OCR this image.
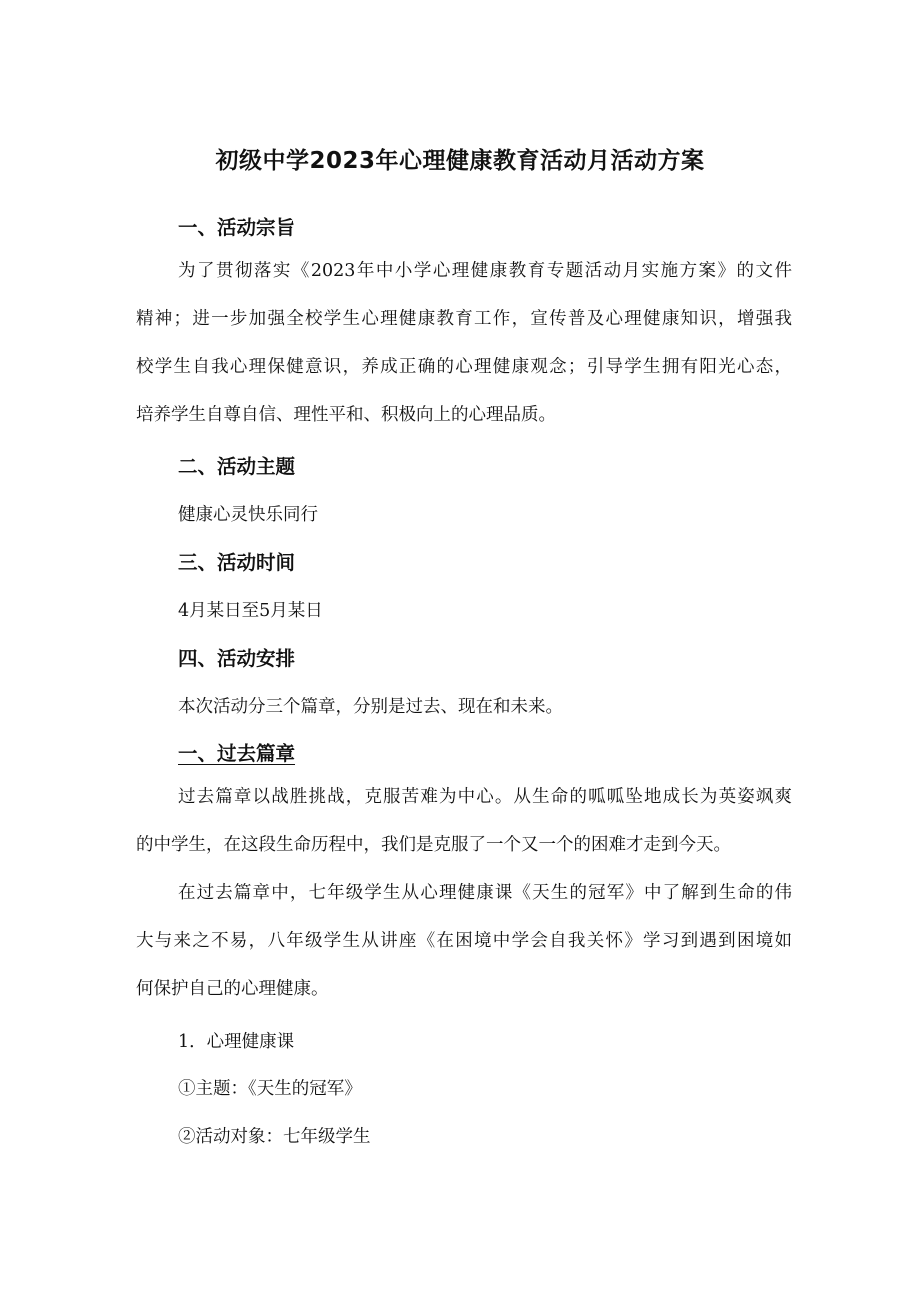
初级中学2023年心理健康教育活动月活动方案
一、活动宗旨
为了贯彻落实《2023年中小学心理健康教育专题活动月实施方案》的文件
精神；进一步加强全校学生心理健康教育工作，宣传普及心理健康知识，增强我
校学生自我心理保健意识，养成正确的心理健康观念；引导学生拥有阳光心态，
培养学生自尊自信、理性平和、积极向上的心理品质。
二、活动主题
健康心灵快乐同行
三、活动时间
4月某日至5月某日
四、活动安排
本次活动分三个篇章，分别是过去、现在和未来。
一、过去篇章
过去篇章以战胜挑战，克服苦难为中心。从生命的呱呱坠地成长为英姿飒爽
的中学生，在这段生命历程中，我们是克服了一个又一个的困难才走到今天。
在过去篇章中，七年级学生从心理健康课《天生的冠军》中了解到生命的伟
大与来之不易，八年级学生从讲座《在困境中学会自我关怀》学习到遇到困境如
何保护自己的心理健康。
1．心理健康课
①主题：《天生的冠军》
②活动对象：七年级学生
